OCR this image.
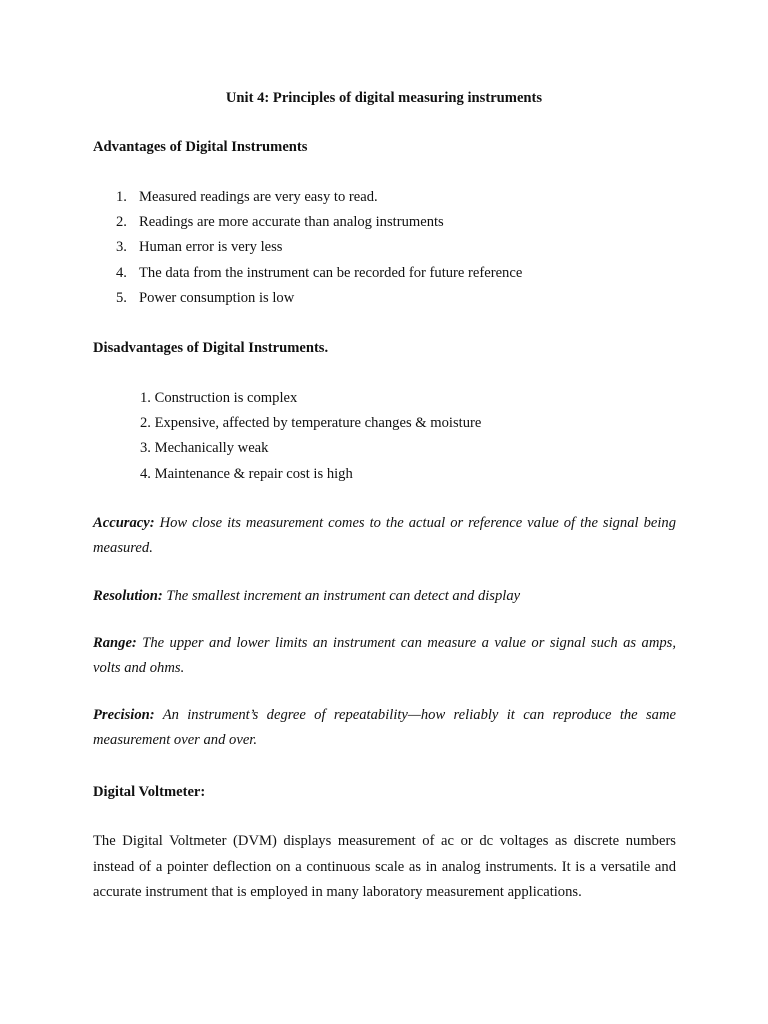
Unit 4: Principles of digital measuring instruments
Advantages of Digital Instruments
1. Measured readings are very easy to read.
2. Readings are more accurate than analog instruments
3. Human error is very less
4. The data from the instrument can be recorded for future reference
5. Power consumption is low
Disadvantages of Digital Instruments.
1. Construction is complex
2. Expensive, affected by temperature changes & moisture
3. Mechanically weak
4. Maintenance & repair cost is high

Accuracy: How close its measurement comes to the actual or reference value of the signal being measured.

Resolution: The smallest increment an instrument can detect and display

Range: The upper and lower limits an instrument can measure a value or signal such as amps, volts and ohms.

Precision: An instrument’s degree of repeatability—how reliably it can reproduce the same measurement over and over.

Digital Voltmeter:

The Digital Voltmeter (DVM) displays measurement of ac or dc voltages as discrete numbers instead of a pointer deflection on a continuous scale as in analog instruments. It is a versatile and accurate instrument that is employed in many laboratory measurement applications.
